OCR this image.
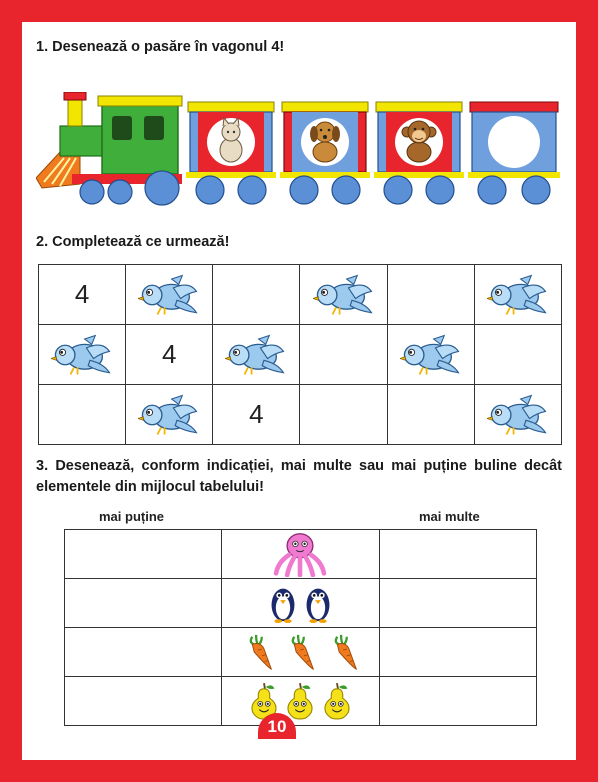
1. Desenează o pasăre în vagonul 4!

2. Completează ce urmează!

4					
	4				
		4			

3. Desenează, conform indicației, mai multe sau mai puține buline decât elementele din mijlocul tabelului!

mai puține	mai multe

10
